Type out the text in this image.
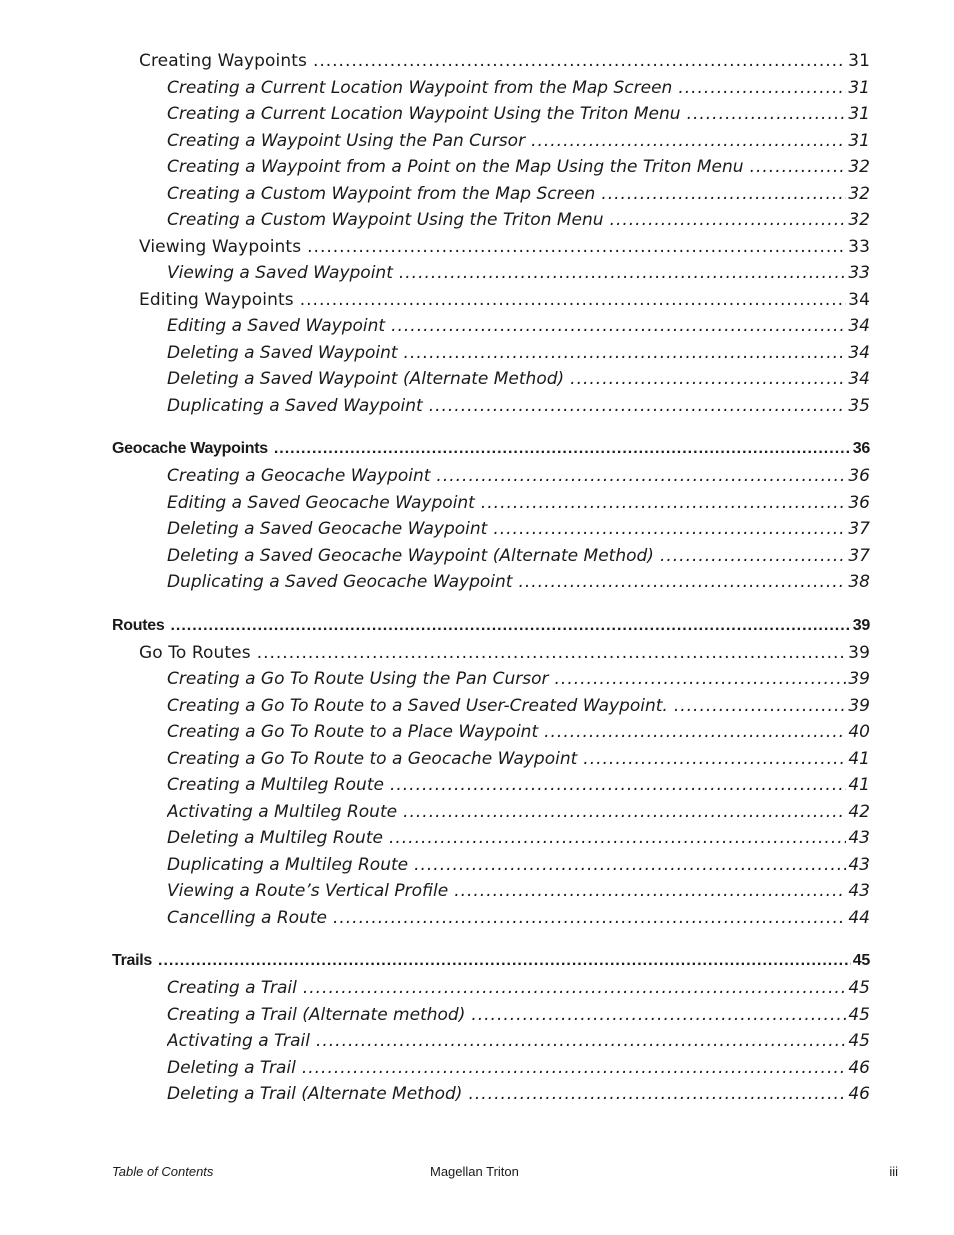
Creating Waypoints .....	31
Creating a Current Location Waypoint from the Map Screen .....	31
Creating a Current Location Waypoint Using the Triton Menu .....	31
Creating a Waypoint Using the Pan Cursor .....	31
Creating a Waypoint from a Point on the Map Using the Triton Menu .....	32
Creating a Custom Waypoint from the Map Screen .....	32
Creating a Custom Waypoint Using the Triton Menu .....	32
Viewing Waypoints .....	33
Viewing a Saved Waypoint .....	33
Editing Waypoints .....	34
Editing a Saved Waypoint .....	34
Deleting a Saved Waypoint .....	34
Deleting a Saved Waypoint (Alternate Method) .....	34
Duplicating a Saved Waypoint .....	35
Geocache Waypoints .....	36
Creating a Geocache Waypoint .....	36
Editing a Saved Geocache Waypoint .....	36
Deleting a Saved Geocache Waypoint .....	37
Deleting a Saved Geocache Waypoint (Alternate Method) .....	37
Duplicating a Saved Geocache Waypoint .....	38
Routes .....	39
Go To Routes .....	39
Creating a Go To Route Using the Pan Cursor .....	39
Creating a Go To Route to a Saved User-Created Waypoint. .....	39
Creating a Go To Route to a Place Waypoint .....	40
Creating a Go To Route to a Geocache Waypoint .....	41
Creating a Multileg Route .....	41
Activating a Multileg Route .....	42
Deleting a Multileg Route .....	43
Duplicating a Multileg Route .....	43
Viewing a Route’s Vertical Profile .....	43
Cancelling a Route .....	44
Trails .....	45
Creating a Trail .....	45
Creating a Trail (Alternate method) .....	45
Activating a Trail .....	45
Deleting a Trail .....	46
Deleting a Trail (Alternate Method) .....	46
Table of Contents	Magellan Triton	iii
